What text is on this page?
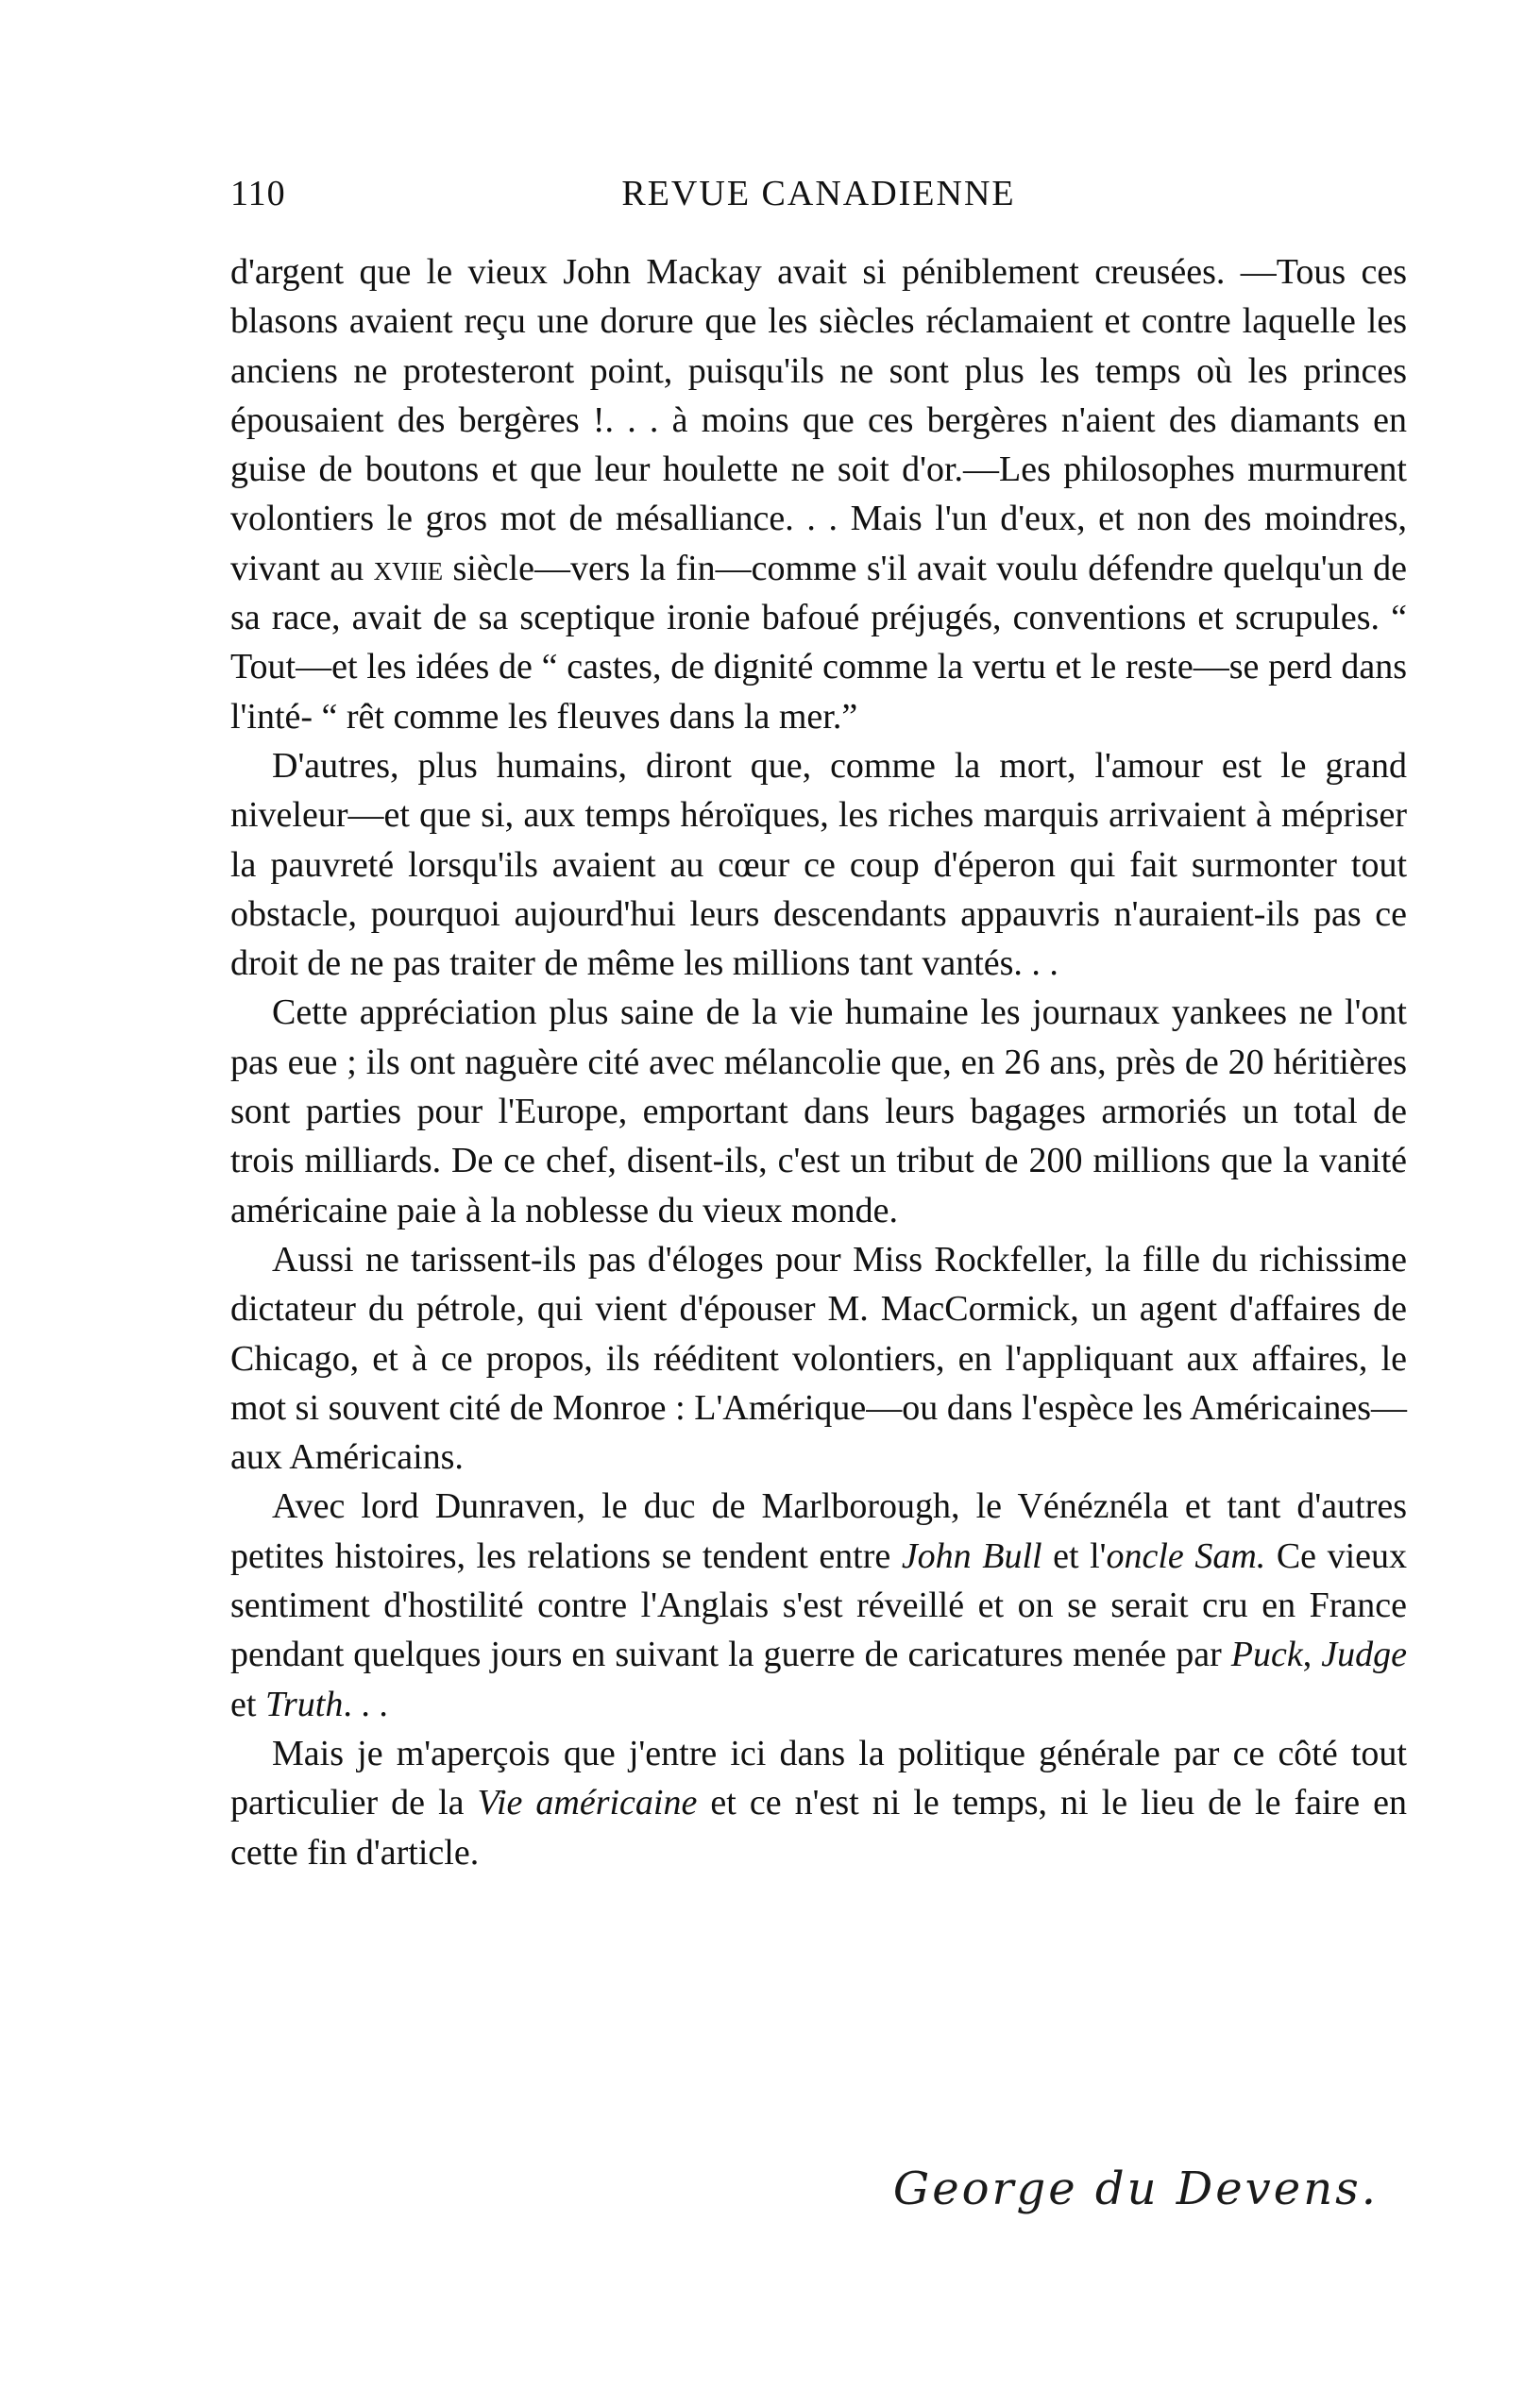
110	REVUE CANADIENNE

d'argent que le vieux John Mackay avait si péniblement creusées. —Tous ces blasons avaient reçu une dorure que les siècles réclamaient et contre laquelle les anciens ne protesteront point, puisqu'ils ne sont plus les temps où les princes épousaient des bergères !. . . à moins que ces bergères n'aient des diamants en guise de boutons et que leur houlette ne soit d'or.—Les philosophes murmurent volontiers le gros mot de mésalliance. . . Mais l'un d'eux, et non des moindres, vivant au xviie siècle—vers la fin—comme s'il avait voulu défendre quelqu'un de sa race, avait de sa sceptique ironie bafoué préjugés, conventions et scrupules. “ Tout—et les idées de “ castes, de dignité comme la vertu et le reste—se perd dans l'inté- “ rêt comme les fleuves dans la mer.”

D'autres, plus humains, diront que, comme la mort, l'amour est le grand niveleur—et que si, aux temps héroïques, les riches marquis arrivaient à mépriser la pauvreté lorsqu'ils avaient au cœur ce coup d'éperon qui fait surmonter tout obstacle, pourquoi aujourd'hui leurs descendants appauvris n'auraient-ils pas ce droit de ne pas traiter de même les millions tant vantés. . .

Cette appréciation plus saine de la vie humaine les journaux yankees ne l'ont pas eue ; ils ont naguère cité avec mélancolie que, en 26 ans, près de 20 héritières sont parties pour l'Europe, emportant dans leurs bagages armoriés un total de trois milliards. De ce chef, disent-ils, c'est un tribut de 200 millions que la vanité américaine paie à la noblesse du vieux monde.

Aussi ne tarissent-ils pas d'éloges pour Miss Rockfeller, la fille du richissime dictateur du pétrole, qui vient d'épouser M. MacCormick, un agent d'affaires de Chicago, et à ce propos, ils rééditent volontiers, en l'appliquant aux affaires, le mot si souvent cité de Monroe : L'Amérique—ou dans l'espèce les Américaines—aux Américains.

Avec lord Dunraven, le duc de Marlborough, le Vénéznéla et tant d'autres petites histoires, les relations se tendent entre John Bull et l'oncle Sam. Ce vieux sentiment d'hostilité contre l'Anglais s'est réveillé et on se serait cru en France pendant quelques jours en suivant la guerre de caricatures menée par Puck, Judge et Truth. . .

Mais je m'aperçois que j'entre ici dans la politique générale par ce côté tout particulier de la Vie américaine et ce n'est ni le temps, ni le lieu de le faire en cette fin d'article.

George du Devens.
